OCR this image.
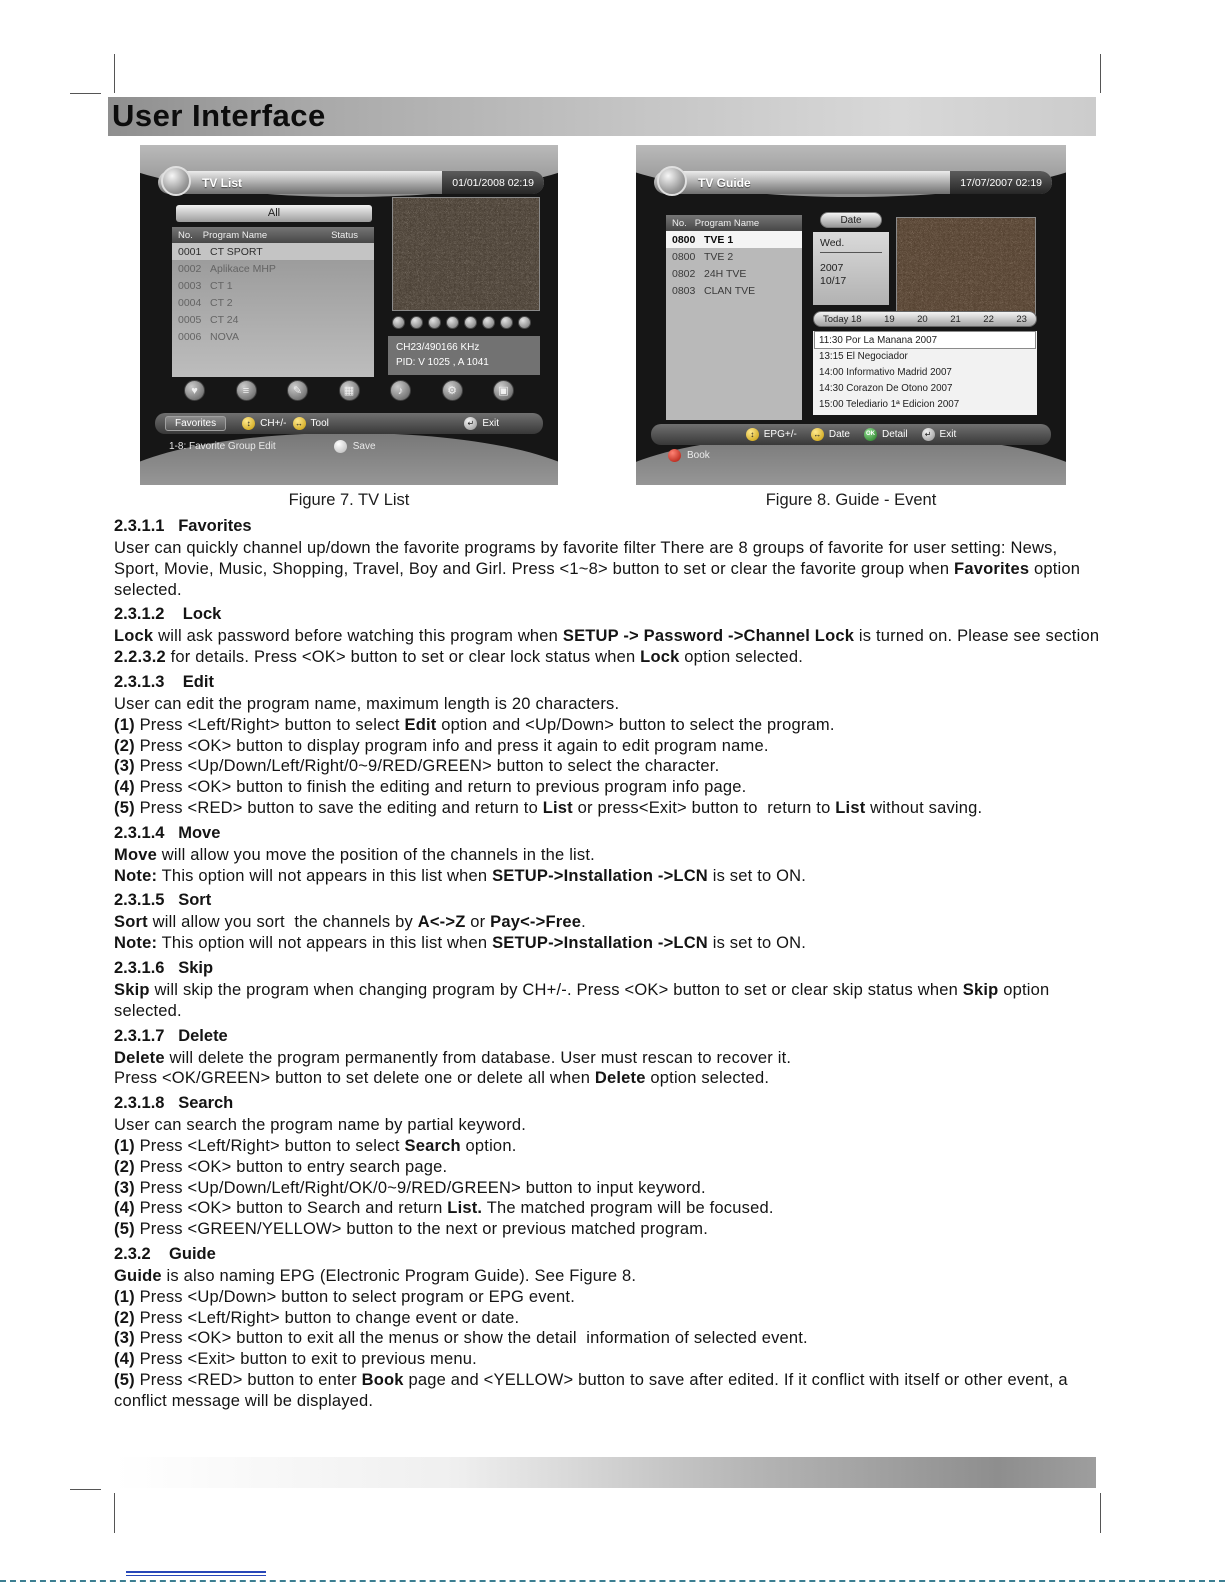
User Interface
TV List	01/01/2008 02:19
All
No. Program Name	Status
0001 CT SPORT
0002 Aplikace MHP
0003 CT 1
0004 CT 2
0005 CT 24
0006 NOVA
CH23/490166 KHz
PID: V 1025 , A 1041
♥	≡	✎	▦	♪	⚙	▣
Favorites	↕ CH+/-	↔ Tool	↵ Exit
1-8: Favorite Group Edit	Save
Figure 7. TV List
TV Guide	17/07/2007 02:19
No. Program Name
0800 TVE 1
0800 TVE 2
0802 24H TVE
0803 CLAN TVE
Date
Wed.
2007
10/17
Today 18 19 20 21 22 23
11:30 Por La Manana 2007
13:15 El Negociador
14:00 Informativo Madrid 2007
14:30 Corazon De Otono 2007
15:00 Telediario 1ª Edicion 2007
↕ EPG+/-	↔ Date	OK Detail	↵ Exit
Book
Figure 8. Guide - Event
2.3.1.1   Favorites

User can quickly channel up/down the favorite programs by favorite filter There are 8 groups of favorite for user setting: News, Sport, Movie, Music, Shopping, Travel, Boy and Girl. Press <1~8> button to set or clear the favorite group when Favorites option selected.

2.3.1.2    Lock

Lock will ask password before watching this program when SETUP -> Password ->Channel Lock is turned on. Please see section 2.2.3.2 for details. Press <OK> button to set or clear lock status when Lock option selected.

2.3.1.3    Edit

User can edit the program name, maximum length is 20 characters.

(1) Press <Left/Right> button to select Edit option and <Up/Down> button to select the program.

(2) Press <OK> button to display program info and press it again to edit program name.

(3) Press <Up/Down/Left/Right/0~9/RED/GREEN> button to select the character.

(4) Press <OK> button to finish the editing and return to previous program info page.

(5) Press <RED> button to save the editing and return to List or press<Exit> button to  return to List without saving.

2.3.1.4   Move

Move will allow you move the position of the channels in the list.

Note: This option will not appears in this list when SETUP->Installation ->LCN is set to ON.

2.3.1.5   Sort

Sort will allow you sort  the channels by A<->Z or Pay<->Free.

Note: This option will not appears in this list when SETUP->Installation ->LCN is set to ON.

2.3.1.6   Skip

Skip will skip the program when changing program by CH+/-. Press <OK> button to set or clear skip status when Skip option selected.

2.3.1.7   Delete

Delete will delete the program permanently from database. User must rescan to recover it.

Press <OK/GREEN> button to set delete one or delete all when Delete option selected.

2.3.1.8   Search

User can search the program name by partial keyword.

(1) Press <Left/Right> button to select Search option.

(2) Press <OK> button to entry search page.

(3) Press <Up/Down/Left/Right/OK/0~9/RED/GREEN> button to input keyword.

(4) Press <OK> button to Search and return List. The matched program will be focused.

(5) Press <GREEN/YELLOW> button to the next or previous matched program.

2.3.2    Guide

Guide is also naming EPG (Electronic Program Guide). See Figure 8.

(1) Press <Up/Down> button to select program or EPG event.

(2) Press <Left/Right> button to change event or date.

(3) Press <OK> button to exit all the menus or show the detail  information of selected event.

(4) Press <Exit> button to exit to previous menu.

(5) Press <RED> button to enter Book page and <YELLOW> button to save after edited. If it conflict with itself or other event, a conflict message will be displayed.
